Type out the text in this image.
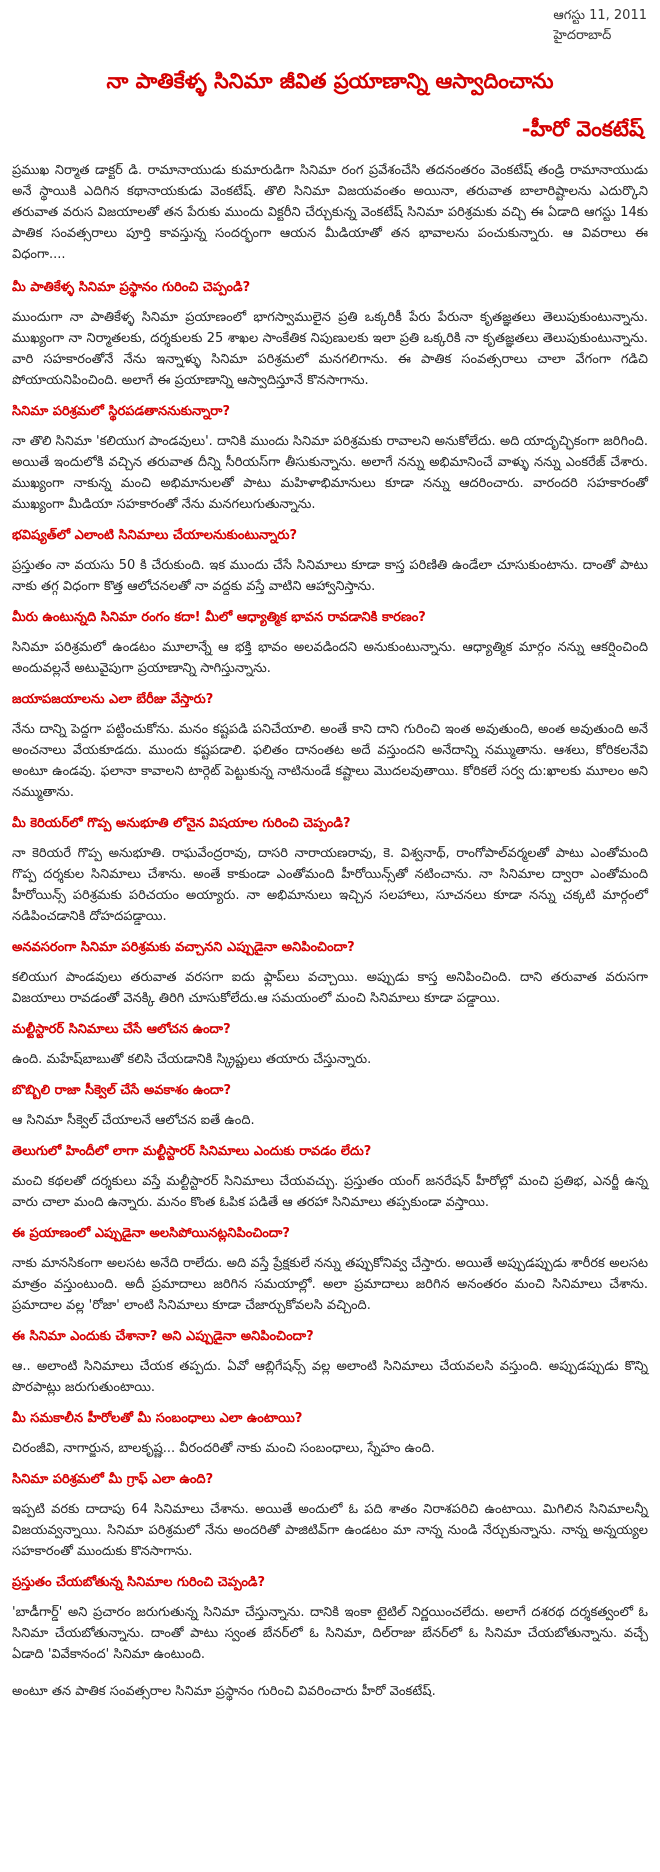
ఆగస్టు 11, 2011
హైదరాబాద్
నా పాతికేళ్ళ సినిమా జీవిత ప్రయాణాన్ని ఆస్వాదించాను
-హీరో వెంకటేష్

ప్రముఖ నిర్మాత డాక్టర్ డి. రామానాయుడు కుమారుడిగా సినిమా రంగ ప్రవేశంచేసి తదనంతరం వెంకటేష్ తండ్రి రామానాయుడు అనే స్థాయికి ఎదిగిన కథానాయకుడు వెంకటేష్. తొలి సినిమా విజయవంతం అయినా, తరువాత బాలారిష్టాలను ఎదుర్కొని తరువాత వరుస విజయాలతో తన పేరుకు ముందు విక్టరీని చేర్చుకున్న వెంకటేష్ సినిమా పరిశ్రమకు వచ్చి ఈ ఏడాది ఆగస్టు 14కు పాతిక సంవత్సరాలు పూర్తి కావస్తున్న సందర్భంగా ఆయన మీడియాతో తన భావాలను పంచుకున్నారు. ఆ వివరాలు ఈ విధంగా....

మీ పాతికేళ్ళ సినిమా ప్రస్థానం గురించి చెప్పండి?

ముందుగా నా పాతికేళ్ళ సినిమా ప్రయాణంలో భాగస్వాములైన ప్రతి ఒక్కరికీ పేరు పేరునా కృతజ్ఞతలు తెలుపుకుంటున్నాను. ముఖ్యంగా నా నిర్మాతలకు, దర్శకులకు 25 శాఖల సాంకేతిక నిపుణులకు ఇలా ప్రతి ఒక్కరికి నా కృతజ్ఞతలు తెలుపుకుంటున్నాను. వారి సహకారంతోనే నేను ఇన్నాళ్ళు సినిమా పరిశ్రమలో మనగలిగాను. ఈ పాతిక సంవత్సరాలు చాలా వేగంగా గడిచి పోయాయనిపించింది. అలాగే ఈ ప్రయాణాన్ని ఆస్వాదిస్తూనే కొనసాగాను.

సినిమా పరిశ్రమలో స్థిరపడతాననుకున్నారా?

నా తొలి సినిమా 'కలియుగ పాండవులు'. దానికి ముందు సినిమా పరిశ్రమకు రావాలని అనుకోలేదు. అది యాదృచ్ఛికంగా జరిగింది. అయితే ఇందులోకి వచ్చిన తరువాత దీన్ని సీరియస్‌గా తీసుకున్నాను. అలాగే నన్ను అభిమానించే వాళ్ళు నన్ను ఎంకరేజ్ చేశారు. ముఖ్యంగా నాకున్న మంచి అభిమానులతో పాటు మహిళాభిమానులు కూడా నన్ను ఆదరించారు. వారందరి సహకారంతో ముఖ్యంగా మీడియా సహకారంతో నేను మనగలుగుతున్నాను.

భవిష్యత్‌లో ఎలాంటి సినిమాలు చేయాలనుకుంటున్నారు?

ప్రస్తుతం నా వయసు 50 కి చేరుకుంది. ఇక ముందు చేసే సినిమాలు కూడా కాస్త పరిణితి ఉండేలా చూసుకుంటాను. దాంతో పాటు నాకు తగ్గ విధంగా కొత్త ఆలోచనలతో నా వద్దకు వస్తే వాటిని ఆహ్వానిస్తాను.

మీరు ఉంటున్నది సినిమా రంగం కదా! మీలో ఆధ్యాత్మిక భావన రావడానికి కారణం?

సినిమా పరిశ్రమలో ఉండటం మూలాన్నే ఆ భక్తి భావం అలవడిందని అనుకుంటున్నాను. ఆధ్యాత్మిక మార్గం నన్ను ఆకర్షించింది అందువల్లనే అటువైపుగా ప్రయాణాన్ని సాగిస్తున్నాను.

జయాపజయాలను ఎలా బేరీజు వేస్తారు?

నేను దాన్ని పెద్దగా పట్టించుకోను. మనం కష్టపడి పనిచేయాలి. అంతే కాని దాని గురించి ఇంత అవుతుంది, అంత అవుతుంది అనే అంచనాలు వేయకూడదు. ముందు కష్టపడాలి. ఫలితం దానంతట అదే వస్తుందని అనేదాన్ని నమ్ముతాను. ఆశలు, కోరికలనేవి అంటూ ఉండవు. ఫలానా కావాలని టార్గెట్ పెట్టుకున్న నాటినుండే కష్టాలు మొదలవుతాయి. కోరికలే సర్వ దు:ఖాలకు మూలం అని నమ్ముతాను.

మీ కెరియర్‌లో గొప్ప అనుభూతి లోనైన విషయాల గురించి చెప్పండి?

నా కెరియరే గొప్ప అనుభూతి. రాఘవేంద్రరావు, దాసరి నారాయణరావు, కె. విశ్వనాథ్, రాంగోపాల్‌వర్మలతో పాటు ఎంతోమంది గొప్ప దర్శకుల సినిమాలు చేశాను. అంతే కాకుండా ఎంతోమంది హీరోయిన్స్‌తో నటించాను. నా సినిమాల ద్వారా ఎంతోమంది హీరోయిన్స్ పరిశ్రమకు పరిచయం అయ్యారు. నా అభిమానులు ఇచ్చిన సలహాలు, సూచనలు కూడా నన్ను చక్కటి మార్గంలో నడిపించడానికి దోహదపడ్డాయి.

అనవసరంగా సినిమా పరిశ్రమకు వచ్చానని ఎప్పుడైనా అనిపించిందా?

కలియుగ పాండవులు తరువాత వరసగా ఐదు ఫ్లాప్‌లు వచ్చాయి. అప్పుడు కాస్త అనిపించింది. దాని తరువాత వరుసగా విజయాలు రావడంతో వెనక్కి తిరిగి చూసుకోలేదు.ఆ సమయంలో మంచి సినిమాలు కూడా పడ్డాయి.

మల్టీస్టారర్ సినిమాలు చేసే ఆలోచన ఉందా?

ఉంది. మహేష్‌బాబుతో కలిసి చేయడానికి స్క్రిప్టులు తయారు చేస్తున్నారు.

బొబ్బిలి రాజా సీక్వెల్ చేసే అవకాశం ఉందా?

ఆ సినిమా సీక్వెల్ చేయాలనే ఆలోచన ఐతే ఉంది.

తెలుగులో హిందీలో లాగా మల్టీస్టారర్ సినిమాలు ఎందుకు రావడం లేదు?

మంచి కథలతో దర్శకులు వస్తే మల్టీస్టారర్ సినిమాలు చేయవచ్చు. ప్రస్తుతం యంగ్ జనరేషన్ హీరోల్లో మంచి ప్రతిభ, ఎనర్జీ ఉన్న వారు చాలా మంది ఉన్నారు. మనం కొంత ఓపిక పడితే ఆ తరహా సినిమాలు తప్పకుండా వస్తాయి.

ఈ ప్రయాణంలో ఎప్పుడైనా అలసిపోయినట్లనిపించిందా?

నాకు మానసికంగా అలసట అనేది రాలేదు. అది వస్తే ప్రేక్షకులే నన్ను తప్పుకోనివ్వ చేస్తారు. అయితే అప్పుడప్పుడు శారీరక అలసట మాత్రం వస్తుంటుంది. అదీ ప్రమాదాలు జరిగిన సమయాల్లో. అలా ప్రమాదాలు జరిగిన అనంతరం మంచి సినిమాలు చేశాను. ప్రమాదాల వల్ల 'రోజా' లాంటి సినిమాలు కూడా చేజార్చుకోవలసి వచ్చింది.

ఈ సినిమా ఎందుకు చేశానా? అని ఎప్పుడైనా అనిపించిందా?

ఆ.. అలాంటి సినిమాలు చేయక తప్పదు. ఏవో ఆబ్లిగేషన్స్ వల్ల అలాంటి సినిమాలు చేయవలసి వస్తుంది. అప్పుడప్పుడు కొన్ని పొరపాట్లు జరుగుతుంటాయి.

మీ సమకాలీన హీరోలతో మీ సంబంధాలు ఎలా ఉంటాయి?

చిరంజీవి, నాగార్జున, బాలకృష్ణ... వీరందరితో నాకు మంచి సంబంధాలు, స్నేహం ఉంది.

సినిమా పరిశ్రమలో మీ గ్రాఫ్ ఎలా ఉంది?

ఇప్పటి వరకు దాదాపు 64 సినిమాలు చేశాను. అయితే అందులో ఓ పది శాతం నిరాశపరిచి ఉంటాయి. మిగిలిన సినిమాలన్నీ విజయవ్వన్నాయి. సినిమా పరిశ్రమలో నేను అందరితో పాజిటివ్‌గా ఉండటం మా నాన్న నుండి నేర్చుకున్నాను. నాన్న అన్నయ్యల సహకారంతో ముందుకు కొనసాగాను.

ప్రస్తుతం చేయబోతున్న సినిమాల గురించి చెప్పండి?

'బాడీగార్డ్' అని ప్రచారం జరుగుతున్న సినిమా చేస్తున్నాను. దానికి ఇంకా టైటిల్ నిర్ణయించలేదు. అలాగే దశరథ దర్శకత్వంలో ఓ సినిమా చేయబోతున్నాను. దాంతో పాటు స్వంత బేనర్‌లో ఓ సినిమా, దిల్‌రాజు బేనర్‌లో ఓ సినిమా చేయబోతున్నాను. వచ్చే ఏడాది 'వివేకానంద' సినిమా ఉంటుంది.

అంటూ తన పాతిక సంవత్సరాల సినిమా ప్రస్థానం గురించి వివరించారు హీరో వెంకటేష్.
